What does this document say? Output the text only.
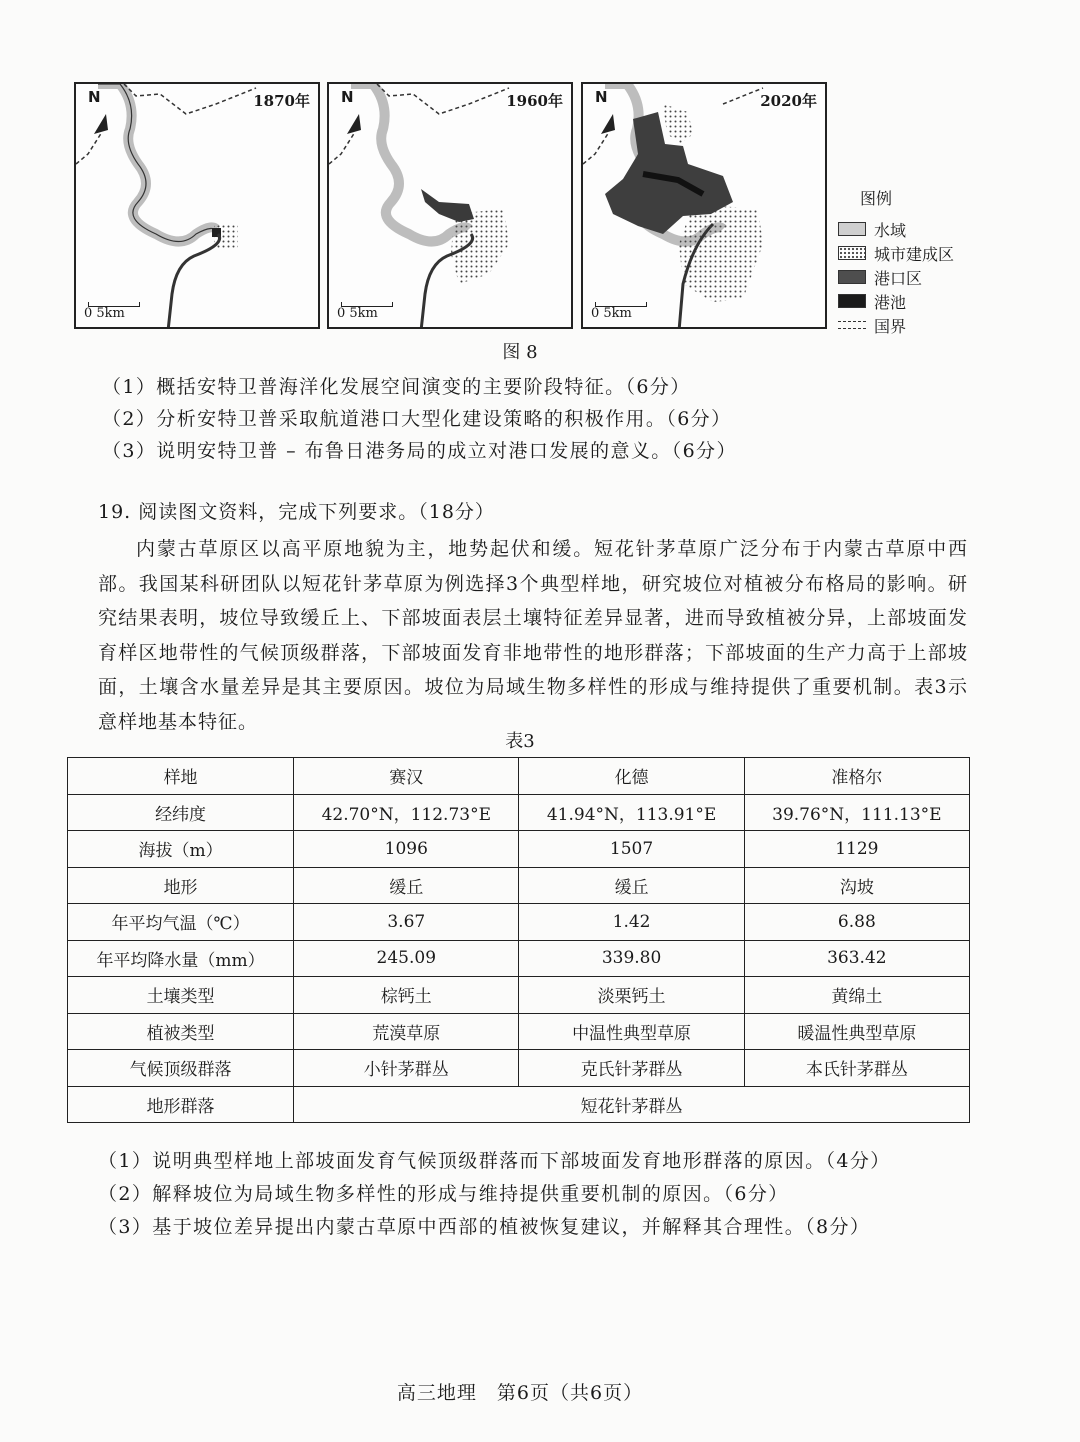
N	1870年
0 5km
N	1960年
0 5km
N	2020年
0 5km
图例
水域
城市建成区
港口区
港池
国界
图 8
（1）概括安特卫普海洋化发展空间演变的主要阶段特征。（6分）
（2）分析安特卫普采取航道港口大型化建设策略的积极作用。（6分）
（3）说明安特卫普 – 布鲁日港务局的成立对港口发展的意义。（6分）
19. 阅读图文资料，完成下列要求。（18分）

内蒙古草原区以高平原地貌为主，地势起伏和缓。短花针茅草原广泛分布于内蒙古草原中西部。我国某科研团队以短花针茅草原为例选择3个典型样地，研究坡位对植被分布格局的影响。研究结果表明，坡位导致缓丘上、下部坡面表层土壤特征差异显著，进而导致植被分异，上部坡面发育样区地带性的气候顶级群落，下部坡面发育非地带性的地形群落；下部坡面的生产力高于上部坡面，土壤含水量差异是其主要原因。坡位为局域生物多样性的形成与维持提供了重要机制。表3示意样地基本特征。

表3
样地	赛汉	化德	准格尔
经纬度	42.70°N，112.73°E	41.94°N，113.91°E	39.76°N，111.13°E
海拔（m）	1096	1507	1129
地形	缓丘	缓丘	沟坡
年平均气温（℃）	3.67	1.42	6.88
年平均降水量（mm）	245.09	339.80	363.42
土壤类型	棕钙土	淡栗钙土	黄绵土
植被类型	荒漠草原	中温性典型草原	暖温性典型草原
气候顶级群落	小针茅群丛	克氏针茅群丛	本氏针茅群丛
地形群落	短花针茅群丛		
（1）说明典型样地上部坡面发育气候顶级群落而下部坡面发育地形群落的原因。（4分）
（2）解释坡位为局域生物多样性的形成与维持提供重要机制的原因。（6分）
（3）基于坡位差异提出内蒙古草原中西部的植被恢复建议，并解释其合理性。（8分）
高三地理　第6页（共6页）
